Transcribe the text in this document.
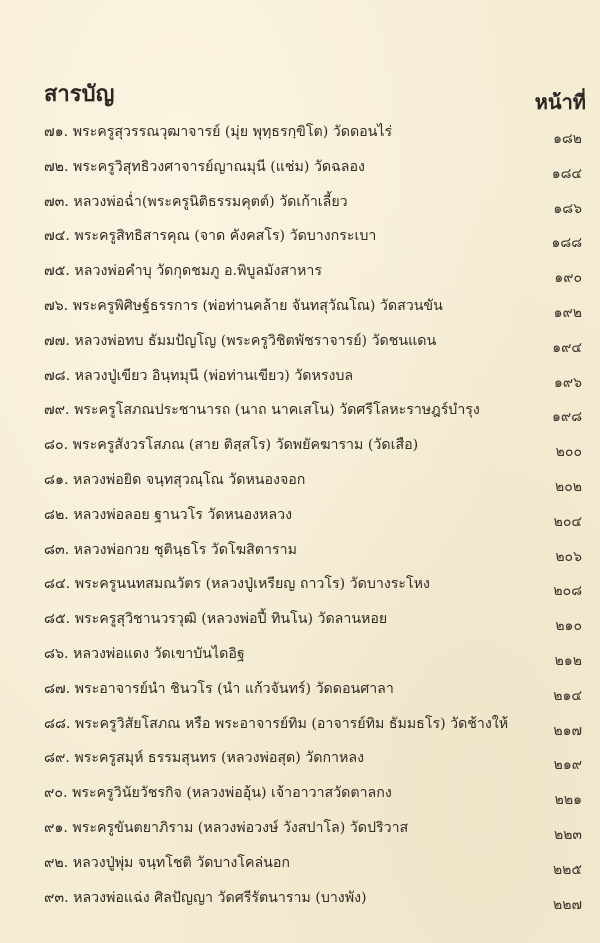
สารบัญ	หน้าที่
๗๑. พระครูสุวรรณวุฒาจารย์ (มุ่ย พุทฺธรกฺขิโต) วัดดอนไร่	๑๘๒
๗๒. พระครูวิสุทธิวงศาจารย์ญาณมุนี (แช่ม) วัดฉลอง	๑๘๔
๗๓. หลวงพ่อฉ่ำ(พระครูนิติธรรมคุตต์) วัดเก้าเลี้ยว	๑๘๖
๗๔. พระครูสิทธิสารคุณ (จาด คังคสโร) วัดบางกระเบา	๑๘๘
๗๕. หลวงพ่อคำบุ วัดกุดชมภู อ.พิบูลมังสาหาร	๑๙๐
๗๖. พระครูพิศิษฐ์ธรรการ (พ่อท่านคล้าย จันทสุวัณโณ) วัดสวนขัน	๑๙๒
๗๗. หลวงพ่อทบ ธัมมปัญโญ (พระครูวิชิตพัชราจารย์) วัดชนแดน	๑๙๔
๗๘. หลวงปู่เขียว อินฺทมุนี (พ่อท่านเขียว) วัดหรงบล	๑๙๖
๗๙. พระครูโสภณประชานารถ (นาถ นาคเสโน) วัดศรีโลหะราษฎร์บำรุง	๑๙๘
๘๐. พระครูสังวรโสภณ (สาย ติสฺสโร) วัดพยัคฆาราม (วัดเสือ)	๒๐๐
๘๑. หลวงพ่อยิด จนฺทสุวณฺโณ วัดหนองจอก	๒๐๒
๘๒. หลวงพ่อลอย ฐานวโร วัดหนองหลวง	๒๐๔
๘๓. หลวงพ่อกวย ชุตินฺธโร วัดโฆสิตาราม	๒๐๖
๘๔. พระครูนนทสมณวัตร (หลวงปู่เหรียญ ถาวโร) วัดบางระโหง	๒๐๘
๘๕. พระครูสุวิชานวรวุฒิ (หลวงพ่อปี้ ทินโน) วัดลานหอย	๒๑๐
๘๖. หลวงพ่อแดง วัดเขาบันไดอิฐ	๒๑๒
๘๗. พระอาจารย์นำ ชินวโร (นำ แก้วจันทร์) วัดดอนศาลา	๒๑๔
๘๘. พระครูวิสัยโสภณ หรือ พระอาจารย์ทิม (อาจารย์ทิม ธัมมธโร) วัดช้างให้	๒๑๗
๘๙. พระครูสมุห์ ธรรมสุนทร (หลวงพ่อสุด) วัดกาหลง	๒๑๙
๙๐. พระครูวินัยวัชรกิจ (หลวงพ่ออุ้น) เจ้าอาวาสวัดตาลกง	๒๒๑
๙๑. พระครูขันตยาภิราม (หลวงพ่อวงษ์ วังสปาโล) วัดปริวาส	๒๒๓
๙๒. หลวงปู่พุ่ม จนฺทโชติ วัดบางโคล่นอก	๒๒๕
๙๓. หลวงพ่อแฉ่ง ศิลปัญญา วัดศรีรัตนาราม (บางพัง)	๒๒๗
